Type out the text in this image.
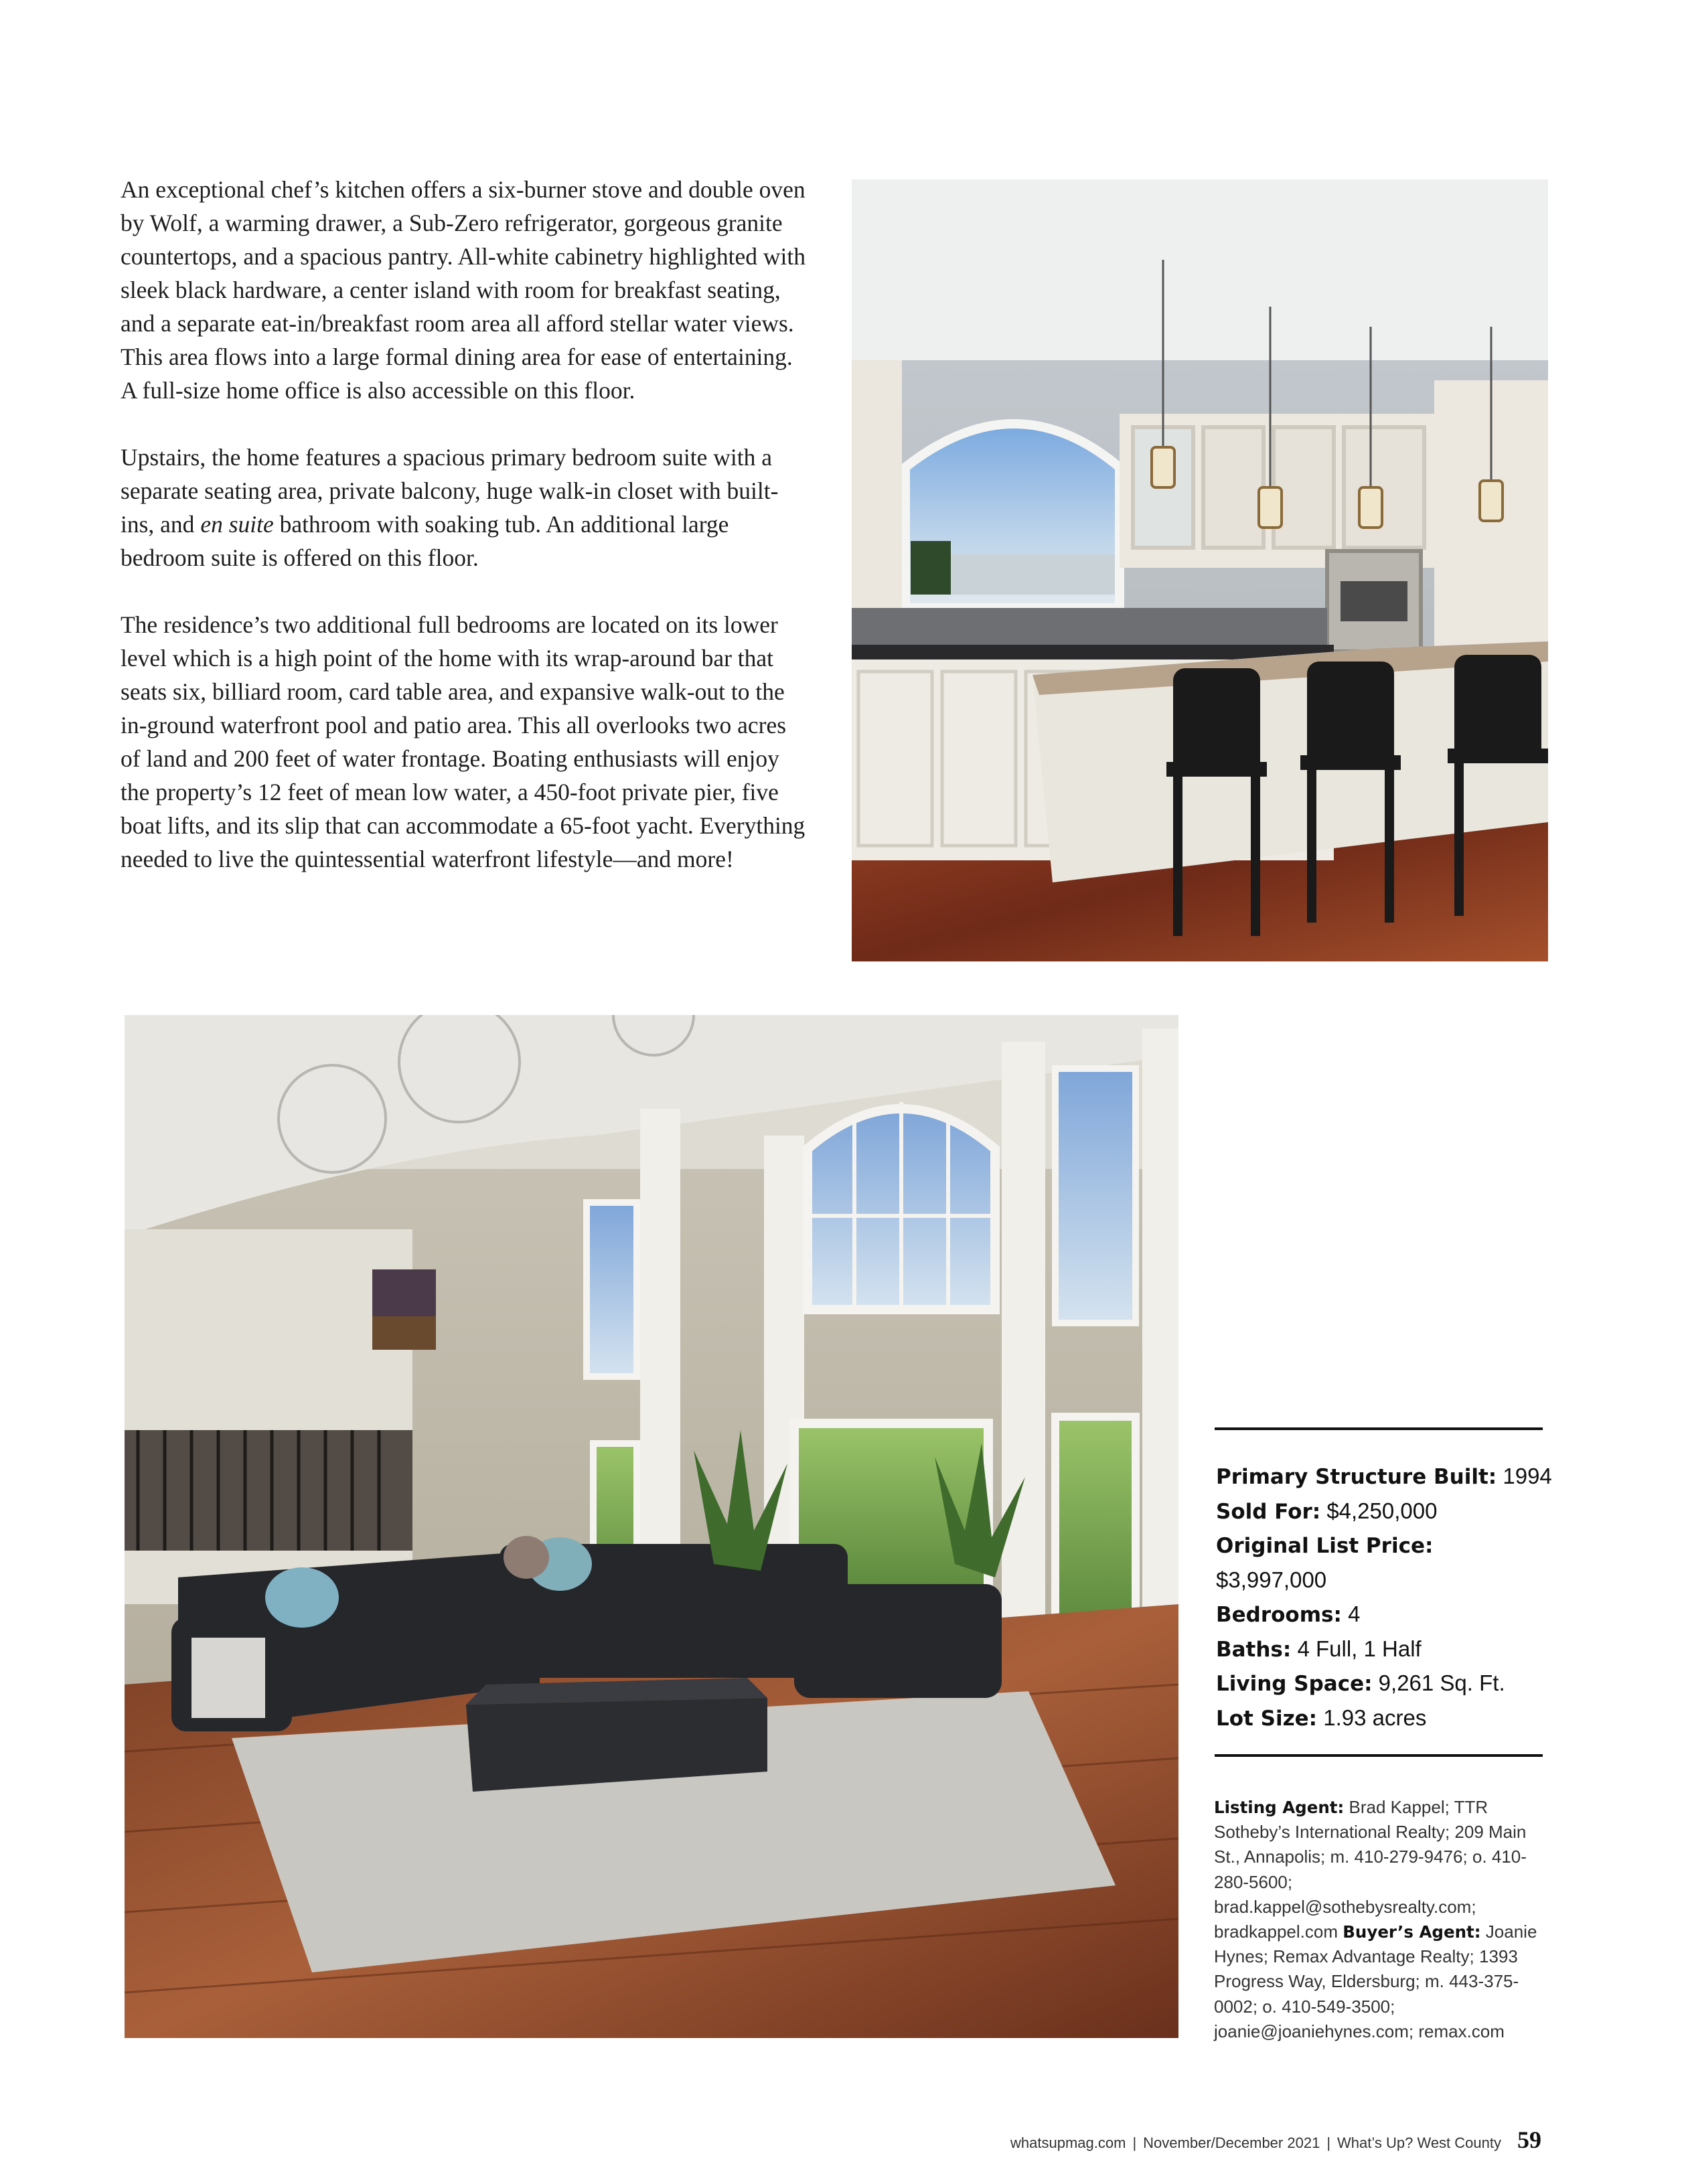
An exceptional chef’s kitchen offers a six-burner stove and double oven by Wolf, a warming drawer, a Sub-Zero refrigerator, gorgeous granite countertops, and a spacious pantry. All-white cabinetry highlighted with sleek black hardware, a center island with room for breakfast seating, and a separate eat-in/breakfast room area all afford stellar water views. This area flows into a large formal dining area for ease of entertaining. A full-size home office is also accessible on this floor.

Upstairs, the home features a spacious primary bedroom suite with a separate seating area, private balcony, huge walk-in closet with built-ins, and en suite bathroom with soaking tub. An additional large bedroom suite is offered on this floor.

The residence’s two additional full bedrooms are located on its lower level which is a high point of the home with its wrap-around bar that seats six, billiard room, card table area, and expansive walk-out to the in-ground waterfront pool and patio area. This all overlooks two acres of land and 200 feet of water frontage. Boating enthusiasts will enjoy the property’s 12 feet of mean low water, a 450-foot private pier, five boat lifts, and its slip that can accommodate a 65-foot yacht. Everything needed to live the quintessential waterfront lifestyle—and more!

Primary Structure Built: 1994
Sold For: $4,250,000
Original List Price:
$3,997,000
Bedrooms: 4
Baths: 4 Full, 1 Half
Living Space: 9,261 Sq. Ft.
Lot Size: 1.93 acres
Listing Agent: Brad Kappel; TTR Sotheby’s International Realty; 209 Main St., Annapolis; m. 410-279-9476; o. 410-280-5600; brad.kappel@sothebysrealty.com; bradkappel.com Buyer’s Agent: Joanie Hynes; Remax Advantage Realty; 1393 Progress Way, Eldersburg; m. 443-375-0002; o. 410-549-3500; joanie@joaniehynes.com; remax.com
whatsupmag.com | November/December 2021 | What’s Up? West County 59
